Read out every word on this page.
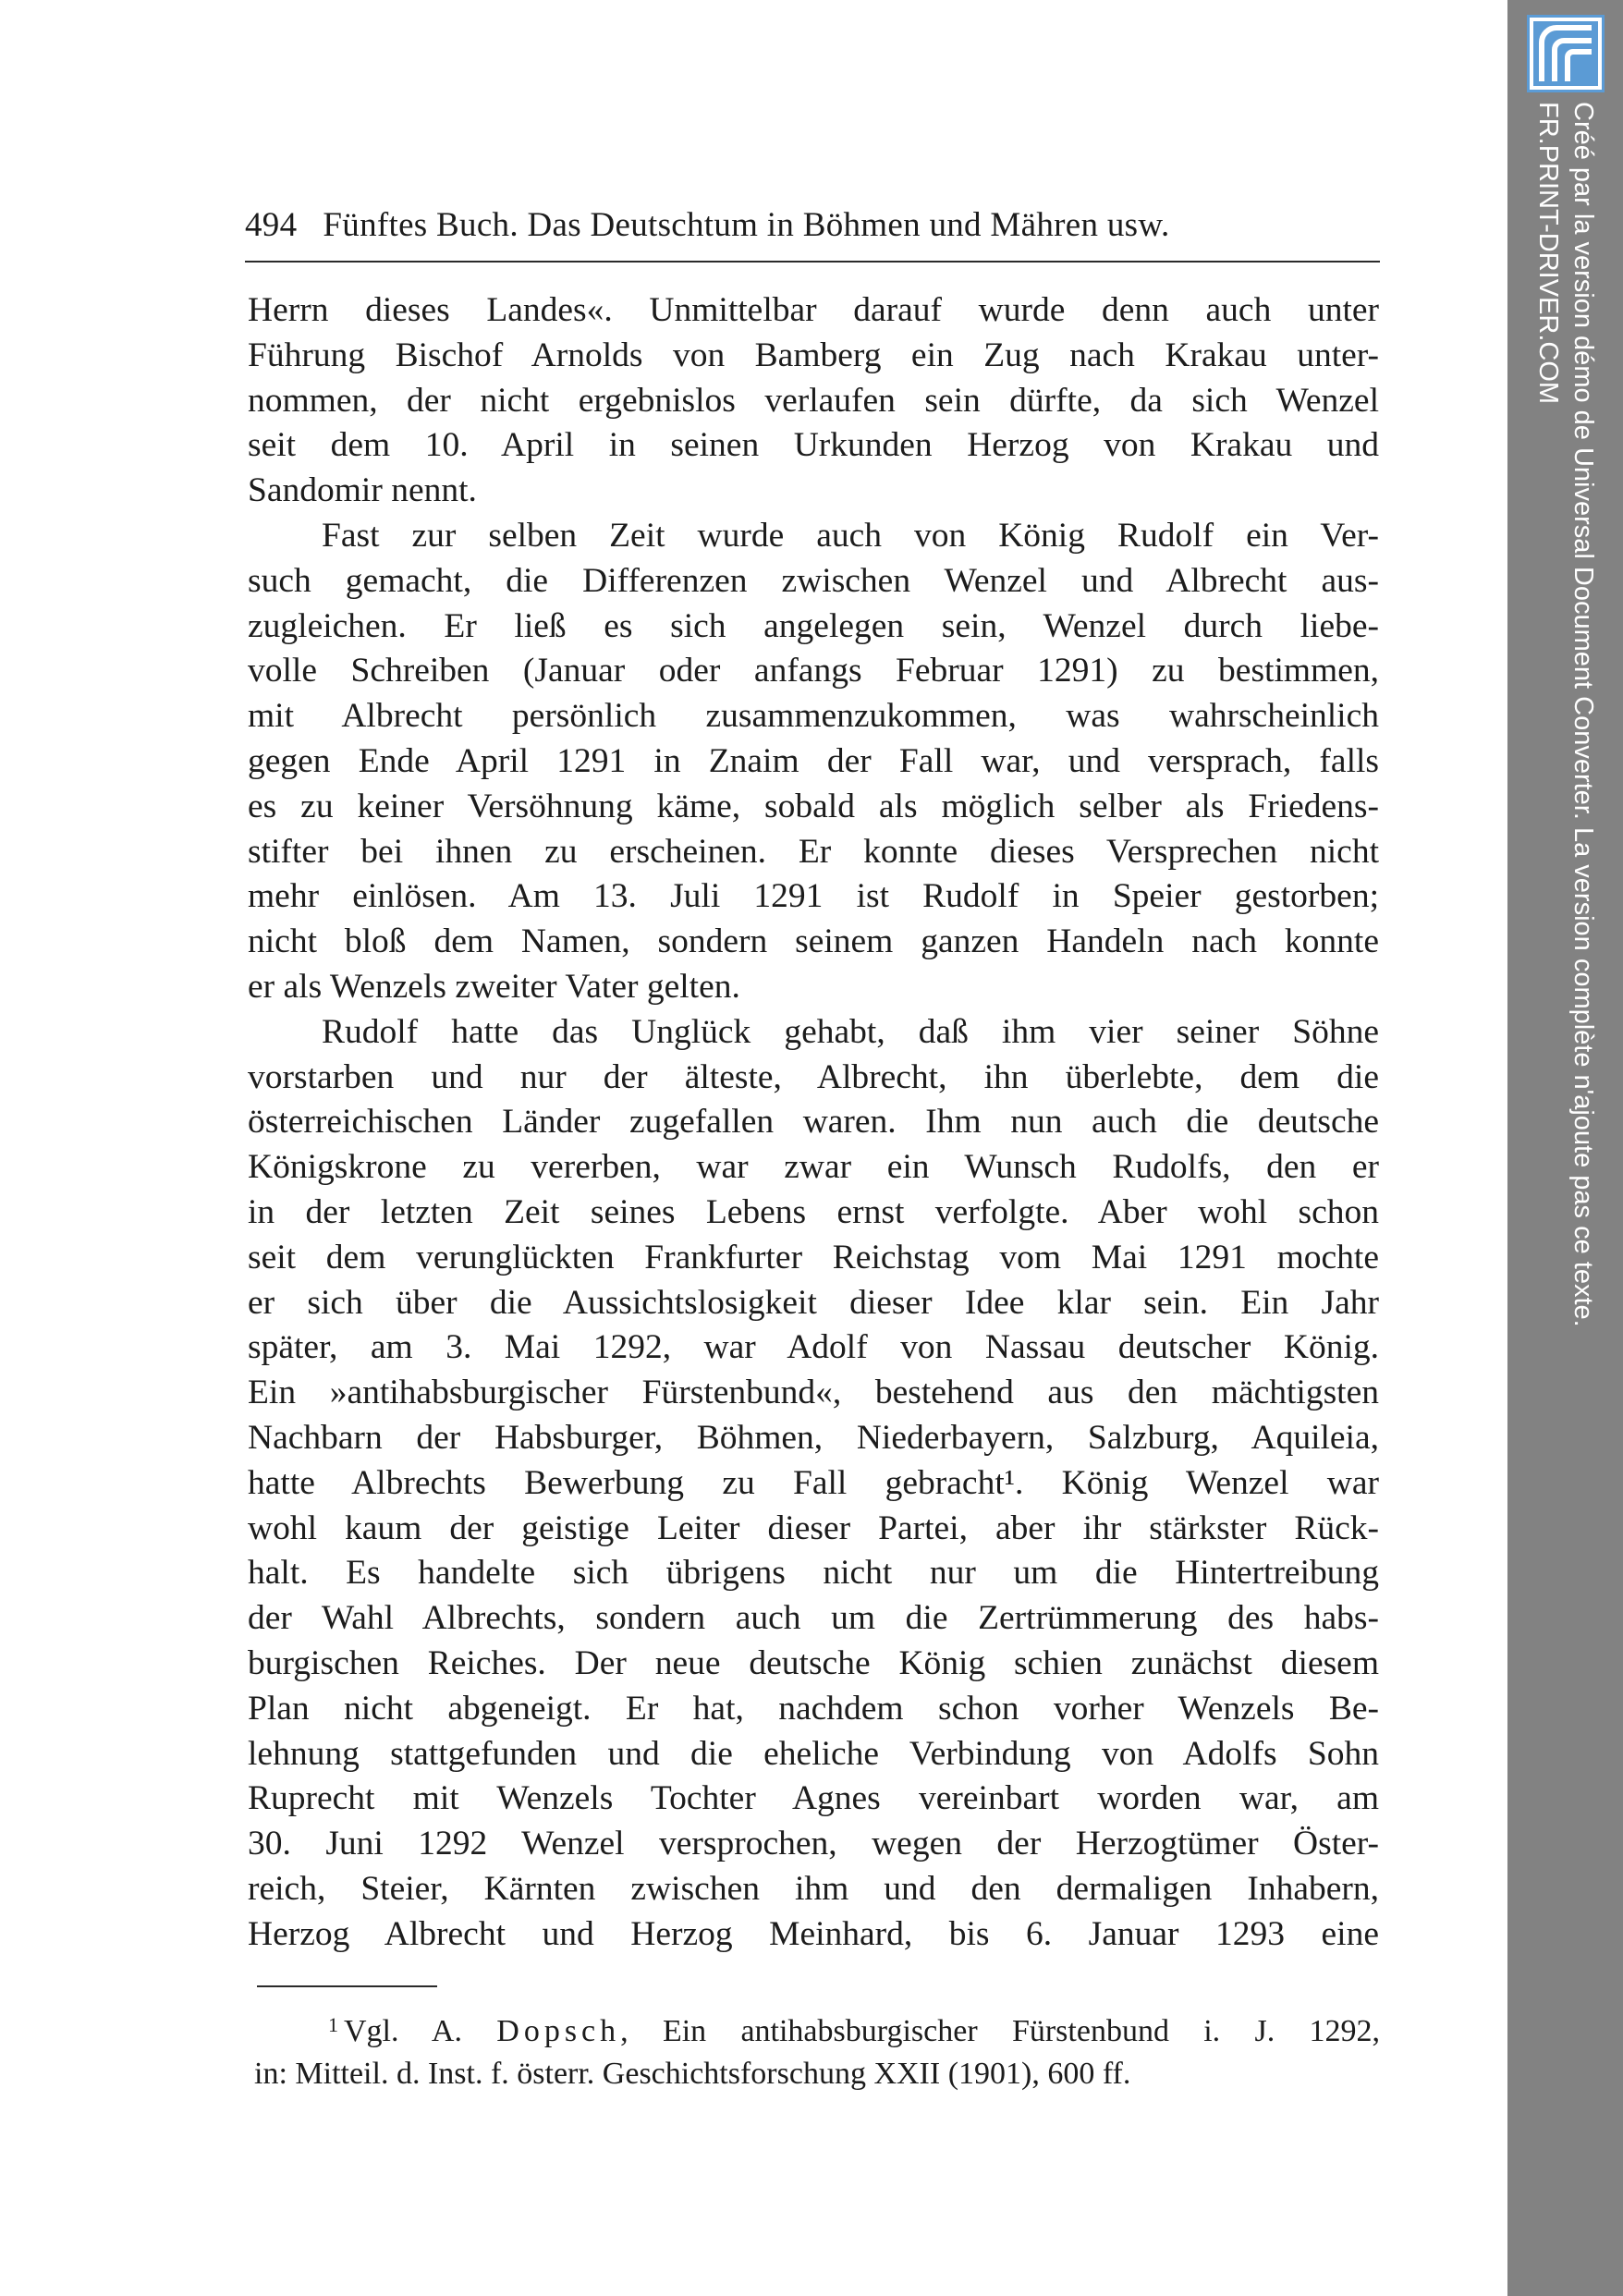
494 Fünftes Buch. Das Deutschtum in Böhmen und Mähren usw.

Herrn dieses Landes«. Unmittelbar darauf wurde denn auch unter
Führung Bischof Arnolds von Bamberg ein Zug nach Krakau unter-
nommen, der nicht ergebnislos verlaufen sein dürfte, da sich Wenzel
seit dem 10. April in seinen Urkunden Herzog von Krakau und
Sandomir nennt.

Fast zur selben Zeit wurde auch von König Rudolf ein Ver-
such gemacht, die Differenzen zwischen Wenzel und Albrecht aus-
zugleichen. Er ließ es sich angelegen sein, Wenzel durch liebe-
volle Schreiben (Januar oder anfangs Februar 1291) zu bestimmen,
mit Albrecht persönlich zusammenzukommen, was wahrscheinlich
gegen Ende April 1291 in Znaim der Fall war, und versprach, falls
es zu keiner Versöhnung käme, sobald als möglich selber als Friedens-
stifter bei ihnen zu erscheinen. Er konnte dieses Versprechen nicht
mehr einlösen. Am 13. Juli 1291 ist Rudolf in Speier gestorben;
nicht bloß dem Namen, sondern seinem ganzen Handeln nach konnte
er als Wenzels zweiter Vater gelten.

Rudolf hatte das Unglück gehabt, daß ihm vier seiner Söhne
vorstarben und nur der älteste, Albrecht, ihn überlebte, dem die
österreichischen Länder zugefallen waren. Ihm nun auch die deutsche
Königskrone zu vererben, war zwar ein Wunsch Rudolfs, den er
in der letzten Zeit seines Lebens ernst verfolgte. Aber wohl schon
seit dem verunglückten Frankfurter Reichstag vom Mai 1291 mochte
er sich über die Aussichtslosigkeit dieser Idee klar sein. Ein Jahr
später, am 3. Mai 1292, war Adolf von Nassau deutscher König.
Ein »antihabsburgischer Fürstenbund«, bestehend aus den mächtigsten
Nachbarn der Habsburger, Böhmen, Niederbayern, Salzburg, Aquileia,
hatte Albrechts Bewerbung zu Fall gebracht¹. König Wenzel war
wohl kaum der geistige Leiter dieser Partei, aber ihr stärkster Rück-
halt. Es handelte sich übrigens nicht nur um die Hintertreibung
der Wahl Albrechts, sondern auch um die Zertrümmerung des habs-
burgischen Reiches. Der neue deutsche König schien zunächst diesem
Plan nicht abgeneigt. Er hat, nachdem schon vorher Wenzels Be-
lehnung stattgefunden und die eheliche Verbindung von Adolfs Sohn
Ruprecht mit Wenzels Tochter Agnes vereinbart worden war, am
30. Juni 1292 Wenzel versprochen, wegen der Herzogtümer Öster-
reich, Steier, Kärnten zwischen ihm und den dermaligen Inhabern,
Herzog Albrecht und Herzog Meinhard, bis 6. Januar 1293 eine

$^1$ Vgl. A. Dopsch, Ein antihabsburgischer Fürstenbund i. J. 1292,
in: Mitteil. d. Inst. f. österr. Geschichtsforschung XXII (1901), 600 ff.
Créé par la version démo de Universal Document Converter. La version complète n'ajoute pas ce texte.
FR.PRINT-DRIVER.COM
